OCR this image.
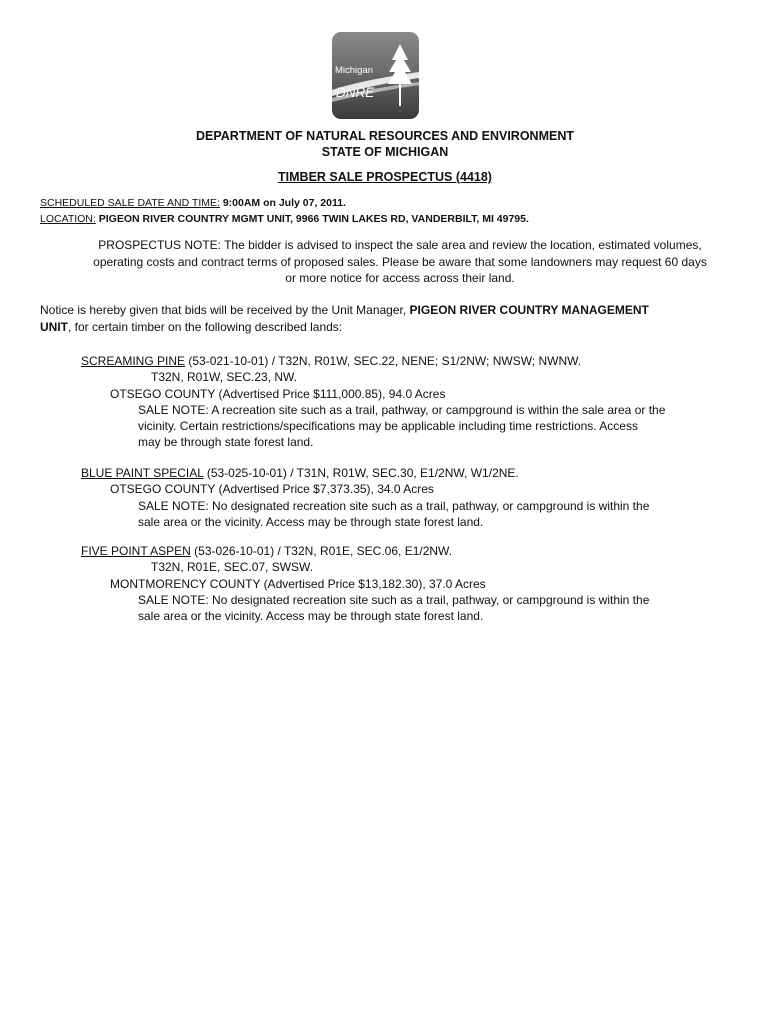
Michigan
DNRE
DEPARTMENT OF NATURAL RESOURCES AND ENVIRONMENT
STATE OF MICHIGAN
TIMBER SALE PROSPECTUS (4418)
SCHEDULED SALE DATE AND TIME: 9:00AM on July 07, 2011.
LOCATION: PIGEON RIVER COUNTRY MGMT UNIT, 9966 TWIN LAKES RD, VANDERBILT, MI 49795.
PROSPECTUS NOTE: The bidder is advised to inspect the sale area and review the location, estimated volumes,
operating costs and contract terms of proposed sales. Please be aware that some landowners may request 60 days
or more notice for access across their land.
Notice is hereby given that bids will be received by the Unit Manager, PIGEON RIVER COUNTRY MANAGEMENT
UNIT, for certain timber on the following described lands:
SCREAMING PINE (53-021-10-01) / T32N, R01W, SEC.22, NENE; S1/2NW; NWSW; NWNW.
T32N, R01W, SEC.23, NW.
OTSEGO COUNTY (Advertised Price $111,000.85), 94.0 Acres
SALE NOTE: A recreation site such as a trail, pathway, or campground is within the sale area or the
vicinity. Certain restrictions/specifications may be applicable including time restrictions. Access
may be through state forest land.
BLUE PAINT SPECIAL (53-025-10-01) / T31N, R01W, SEC.30, E1/2NW, W1/2NE.
OTSEGO COUNTY (Advertised Price $7,373.35), 34.0 Acres
SALE NOTE: No designated recreation site such as a trail, pathway, or campground is within the
sale area or the vicinity. Access may be through state forest land.
FIVE POINT ASPEN (53-026-10-01) / T32N, R01E, SEC.06, E1/2NW.
T32N, R01E, SEC.07, SWSW.
MONTMORENCY COUNTY (Advertised Price $13,182.30), 37.0 Acres
SALE NOTE: No designated recreation site such as a trail, pathway, or campground is within the
sale area or the vicinity. Access may be through state forest land.
